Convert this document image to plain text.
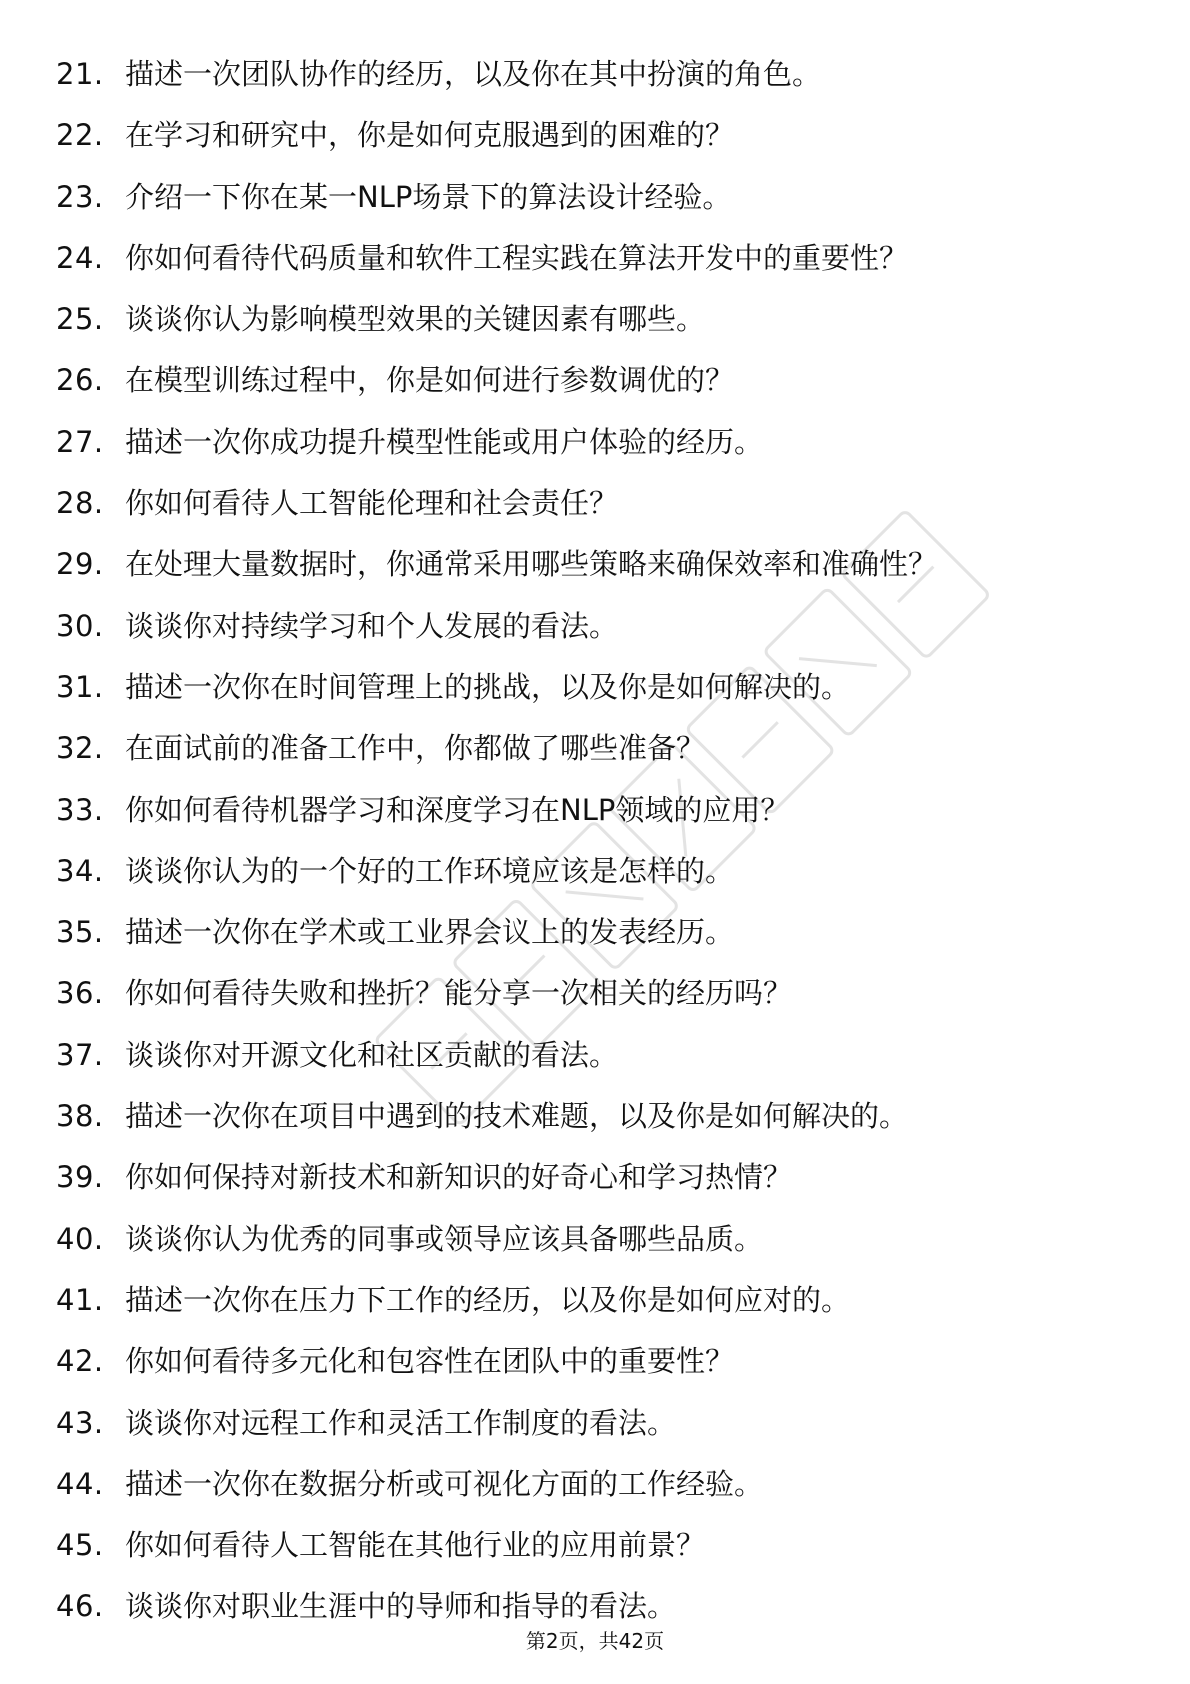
21. 描述一次团队协作的经历，以及你在其中扮演的角色。
22. 在学习和研究中，你是如何克服遇到的困难的？
23. 介绍一下你在某一NLP场景下的算法设计经验。
24. 你如何看待代码质量和软件工程实践在算法开发中的重要性？
25. 谈谈你认为影响模型效果的关键因素有哪些。
26. 在模型训练过程中，你是如何进行参数调优的？
27. 描述一次你成功提升模型性能或用户体验的经历。
28. 你如何看待人工智能伦理和社会责任？
29. 在处理大量数据时，你通常采用哪些策略来确保效率和准确性？
30. 谈谈你对持续学习和个人发展的看法。
31. 描述一次你在时间管理上的挑战，以及你是如何解决的。
32. 在面试前的准备工作中，你都做了哪些准备？
33. 你如何看待机器学习和深度学习在NLP领域的应用？
34. 谈谈你认为的一个好的工作环境应该是怎样的。
35. 描述一次你在学术或工业界会议上的发表经历。
36. 你如何看待失败和挫折？能分享一次相关的经历吗？
37. 谈谈你对开源文化和社区贡献的看法。
38. 描述一次你在项目中遇到的技术难题，以及你是如何解决的。
39. 你如何保持对新技术和新知识的好奇心和学习热情？
40. 谈谈你认为优秀的同事或领导应该具备哪些品质。
41. 描述一次你在压力下工作的经历，以及你是如何应对的。
42. 你如何看待多元化和包容性在团队中的重要性？
43. 谈谈你对远程工作和灵活工作制度的看法。
44. 描述一次你在数据分析或可视化方面的工作经验。
45. 你如何看待人工智能在其他行业的应用前景？
46. 谈谈你对职业生涯中的导师和指导的看法。
第2页，共42页
